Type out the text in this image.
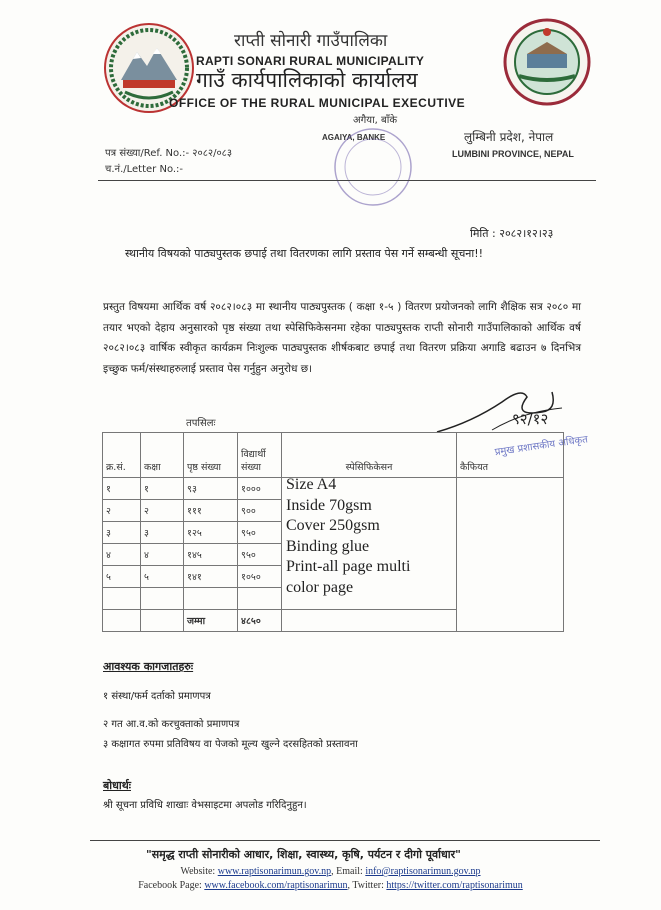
राप्ती सोनारी गाउँपालिका
RAPTI SONARI RURAL MUNICIPALITY
गाउँ कार्यपालिकाको कार्यालय
OFFICE OF THE RURAL MUNICIPAL EXECUTIVE
अगैया, बाँके
AGAIYA, BANKE	लुम्बिनी प्रदेश, नेपाल
LUMBINI PROVINCE, NEPAL
पत्र संख्या/Ref. No.:- २०८२/०८३
च.नं./Letter No.:-
मिति : २०८२।१२।२३
स्थानीय विषयको पाठ्यपुस्तक छपाई तथा वितरणका लागि प्रस्ताव पेस गर्ने सम्बन्धी सूचना!!
प्रस्तुत विषयमा आर्थिक वर्ष २०८२।०८३ मा स्थानीय पाठ्यपुस्तक ( कक्षा १-५ ) वितरण प्रयोजनको लागि शैक्षिक सत्र २०८० मा तयार भएको देहाय अनुसारको पृष्ठ संख्या तथा स्पेसिफिकेसनमा रहेका पाठ्यपुस्तक राप्ती सोनारी गाउँपालिकाको आर्थिक वर्ष २०८२।०८३ वार्षिक स्वीकृत कार्यक्रम निःशुल्क पाठ्यपुस्तक शीर्षकबाट छपाई तथा वितरण प्रक्रिया अगाडि बढाउन ७ दिनभित्र इच्छुक फर्म/संस्थाहरुलाई प्रस्ताव पेस गर्नुहुन अनुरोध छ।
९२/१२
प्रमुख प्रशासकीय अधिकृत
तपसिलः
क्र.सं.	कक्षा	पृष्ठ संख्या	विद्यार्थी संख्या	स्पेसिफिकेसन	कैफियत
१	१	९३	१०००		
२	२	१११	९००		
३	३	१२५	९५०		
४	४	१४५	९५०		
५	५	१४१	१०५०		

		जम्मा	४८५०		
Size A4
Inside 70gsm
Cover 250gsm
Binding glue
Print-all page multi
color page
आवश्यक कागजातहरुः
१ संस्था/फर्म दर्ताको प्रमाणपत्र
२ गत आ.व.को करचुक्ताको प्रमाणपत्र
३ कक्षागत रुपमा प्रतिविषय वा पेजको मूल्य खुल्ने दरसहितको प्रस्तावना
बोधार्थः
श्री सूचना प्रविधि शाखाः वेभसाइटमा अपलोड गरिदिनुहुन।
"समृद्ध राप्ती सोनारीको आधार, शिक्षा, स्वास्थ्य, कृषि, पर्यटन र दीगो पूर्वाधार"
Website: www.raptisonarimun.gov.np, Email: info@raptisonarimun.gov.np
Facebook Page: www.facebook.com/raptisonarimun, Twitter: https://twitter.com/raptisonarimun
